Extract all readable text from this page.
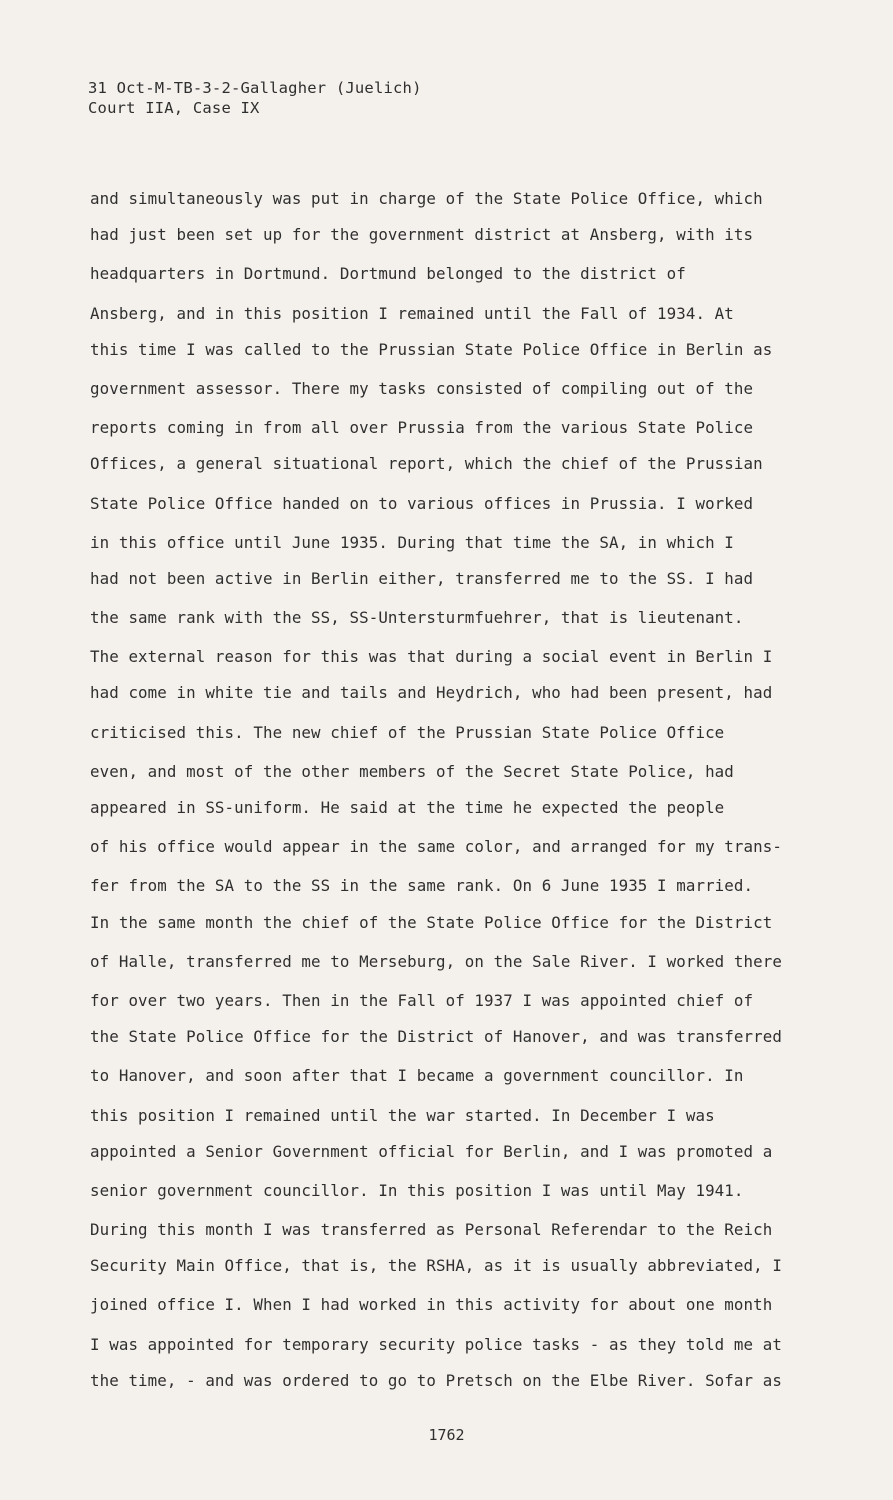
31 Oct-M-TB-3-2-Gallagher (Juelich)
Court IIA, Case IX
and simultaneously was put in charge of the State Police Office, which
had just been set up for the government district at Ansberg, with its
headquarters in Dortmund. Dortmund belonged to the district of
Ansberg, and in this position I remained until the Fall of 1934. At
this time I was called to the Prussian State Police Office in Berlin as
government assessor. There my tasks consisted of compiling out of the
reports coming in from all over Prussia from the various State Police
Offices, a general situational report, which the chief of the Prussian
State Police Office handed on to various offices in Prussia. I worked
in this office until June 1935. During that time the SA, in which I
had not been active in Berlin either, transferred me to the SS. I had
the same rank with the SS, SS-Untersturmfuehrer, that is lieutenant.
The external reason for this was that during a social event in Berlin I
had come in white tie and tails and Heydrich, who had been present, had
criticised this. The new chief of the Prussian State Police Office
even, and most of the other members of the Secret State Police, had
appeared in SS-uniform. He said at the time he expected the people
of his office would appear in the same color, and arranged for my trans-
fer from the SA to the SS in the same rank. On 6 June 1935 I married.
In the same month the chief of the State Police Office for the District
of Halle, transferred me to Merseburg, on the Sale River. I worked there
for over two years. Then in the Fall of 1937 I was appointed chief of
the State Police Office for the District of Hanover, and was transferred
to Hanover, and soon after that I became a government councillor. In
this position I remained until the war started. In December I was
appointed a Senior Government official for Berlin, and I was promoted a
senior government councillor. In this position I was until May 1941.
During this month I was transferred as Personal Referendar to the Reich
Security Main Office, that is, the RSHA, as it is usually abbreviated, I
joined office I. When I had worked in this activity for about one month
I was appointed for temporary security police tasks - as they told me at
the time, - and was ordered to go to Pretsch on the Elbe River. Sofar as
1762
